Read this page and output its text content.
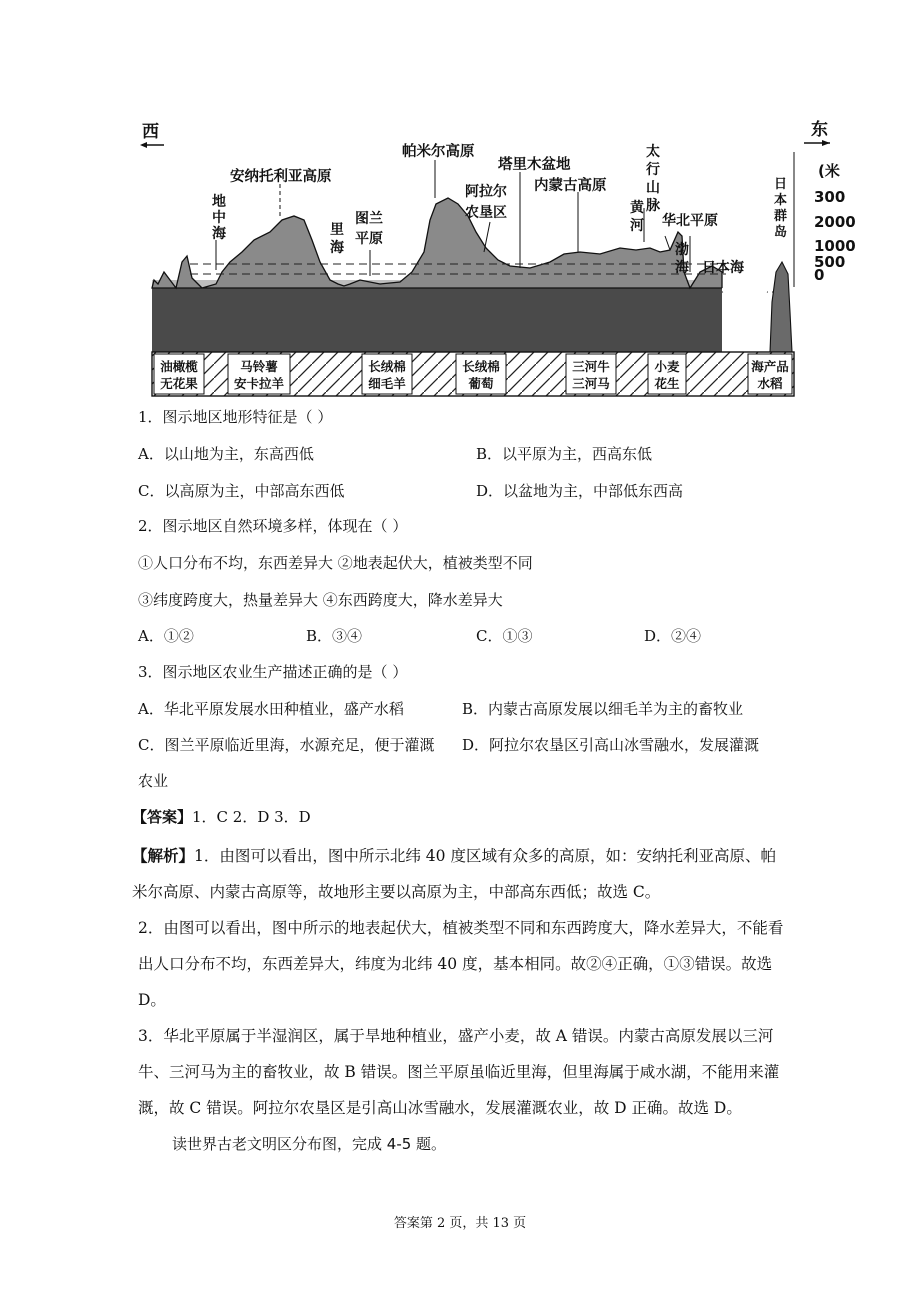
西	东
(米
300
2000
1000
500
0
地
中
海
安纳托利亚高原
里
海
图兰
平原
帕米尔高原
阿拉尔
农垦区
塔里木盆地
内蒙古高原
黄
河
太
行
山
脉
华北平原
渤
海 日本海
日
本
群
岛
油橄榄
无花果
马铃薯
安卡拉羊
长绒棉
细毛羊
长绒棉
葡萄
三河牛
三河马
小麦
花生
海产品
水稻
1．图示地区地形特征是（ ）
A．以山地为主，东高西低	B．以平原为主，西高东低
C．以高原为主，中部高东西低	D．以盆地为主，中部低东西高
2．图示地区自然环境多样，体现在（ ）
①人口分布不均，东西差异大 ②地表起伏大，植被类型不同
③纬度跨度大，热量差异大 ④东西跨度大，降水差异大
A．①②	B．③④	C．①③	D．②④
3．图示地区农业生产描述正确的是（ ）
A．华北平原发展水田种植业，盛产水稻	B．内蒙古高原发展以细毛羊为主的畜牧业
C．图兰平原临近里海，水源充足，便于灌溉 D．阿拉尔农垦区引高山冰雪融水，发展灌溉
农业
【答案】1．C 2．D 3．D
【解析】1．由图可以看出，图中所示北纬 40 度区域有众多的高原，如：安纳托利亚高原、帕米尔高原、内蒙古高原等，故地形主要以高原为主，中部高东西低；故选 C。
2．由图可以看出，图中所示的地表起伏大，植被类型不同和东西跨度大，降水差异大，不能看出人口分布不均，东西差异大，纬度为北纬 40 度，基本相同。故②④正确，①③错误。故选 D。
3．华北平原属于半湿润区，属于旱地种植业，盛产小麦，故 A 错误。内蒙古高原发展以三河牛、三河马为主的畜牧业，故 B 错误。图兰平原虽临近里海，但里海属于咸水湖，不能用来灌溉，故 C 错误。阿拉尔农垦区是引高山冰雪融水，发展灌溉农业，故 D 正确。故选 D。
读世界古老文明区分布图，完成 4-5 题。
答案第 2 页，共 13 页
